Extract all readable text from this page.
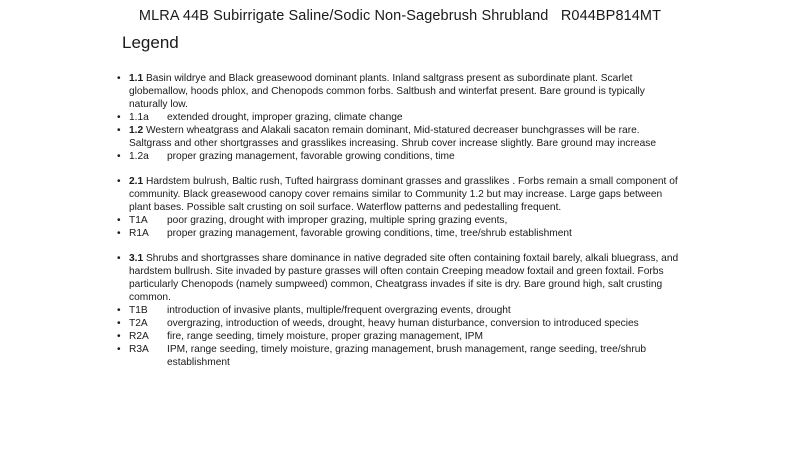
MLRA 44B Subirrigate Saline/Sodic Non-Sagebrush Shrubland   R044BP814MT
Legend
• 1.1 Basin wildrye and Black greasewood dominant plants. Inland saltgrass present as subordinate plant. Scarlet globemallow, hoods phlox, and Chenopods common forbs. Saltbush and winterfat present. Bare ground is typically naturally low.
• 1.1a extended drought, improper grazing, climate change
• 1.2 Western wheatgrass and Alakali sacaton remain dominant, Mid-statured decreaser bunchgrasses will be rare. Saltgrass and other shortgrasses and grasslikes increasing. Shrub cover increase slightly. Bare ground may increase
• 1.2a proper grazing management, favorable growing conditions, time
• 2.1 Hardstem bulrush, Baltic rush, Tufted hairgrass dominant grasses and grasslikes . Forbs remain a small component of community. Black greasewood canopy cover remains similar to Community 1.2 but may increase. Large gaps between plant bases. Possible salt crusting on soil surface. Waterflow patterns and pedestalling frequent.
• T1A poor grazing, drought with improper grazing, multiple spring grazing events,
• R1A proper grazing management, favorable growing conditions, time, tree/shrub establishment
• 3.1 Shrubs and shortgrasses share dominance in native degraded site often containing foxtail barely, alkali bluegrass, and hardstem bullrush. Site invaded by pasture grasses will often contain Creeping meadow foxtail and green foxtail. Forbs particularly Chenopods (namely sumpweed) common, Cheatgrass invades if site is dry. Bare ground high, salt crusting common.
• T1B introduction of invasive plants, multiple/frequent overgrazing events, drought
• T2A overgrazing, introduction of weeds, drought, heavy human disturbance, conversion to introduced species
• R2A fire, range seeding, timely moisture, proper grazing management, IPM
• R3A IPM, range seeding, timely moisture, grazing management, brush management, range seeding, tree/shrub establishment
